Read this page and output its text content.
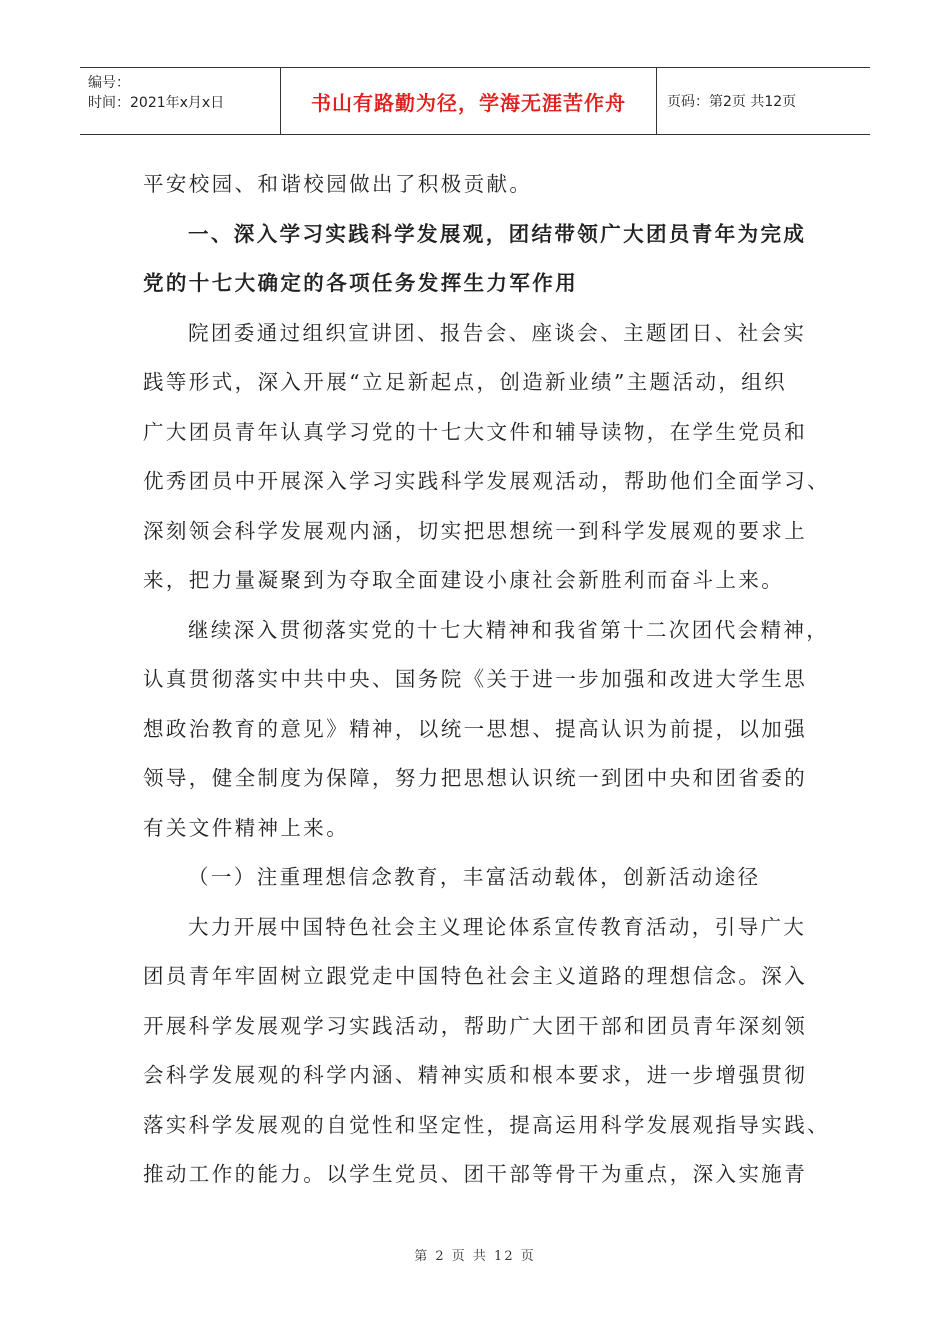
编号：
时间：2021年x月x日	书山有路勤为径，学海无涯苦作舟	页码：第2页 共12页

平安校园、和谐校园做出了积极贡献。

一、深入学习实践科学发展观，团结带领广大团员青年为完成

党的十七大确定的各项任务发挥生力军作用

院团委通过组织宣讲团、报告会、座谈会、主题团日、社会实

践等形式，深入开展“立足新起点，创造新业绩”主题活动，组织

广大团员青年认真学习党的十七大文件和辅导读物，在学生党员和

优秀团员中开展深入学习实践科学发展观活动，帮助他们全面学习、

深刻领会科学发展观内涵，切实把思想统一到科学发展观的要求上

来，把力量凝聚到为夺取全面建设小康社会新胜利而奋斗上来。

继续深入贯彻落实党的十七大精神和我省第十二次团代会精神，

认真贯彻落实中共中央、国务院《关于进一步加强和改进大学生思

想政治教育的意见》精神，以统一思想、提高认识为前提，以加强

领导，健全制度为保障，努力把思想认识统一到团中央和团省委的

有关文件精神上来。

（一）注重理想信念教育，丰富活动载体，创新活动途径

大力开展中国特色社会主义理论体系宣传教育活动，引导广大

团员青年牢固树立跟党走中国特色社会主义道路的理想信念。深入

开展科学发展观学习实践活动，帮助广大团干部和团员青年深刻领

会科学发展观的科学内涵、精神实质和根本要求，进一步增强贯彻

落实科学发展观的自觉性和坚定性，提高运用科学发展观指导实践、

推动工作的能力。以学生党员、团干部等骨干为重点，深入实施青

第 2 页 共 12 页
